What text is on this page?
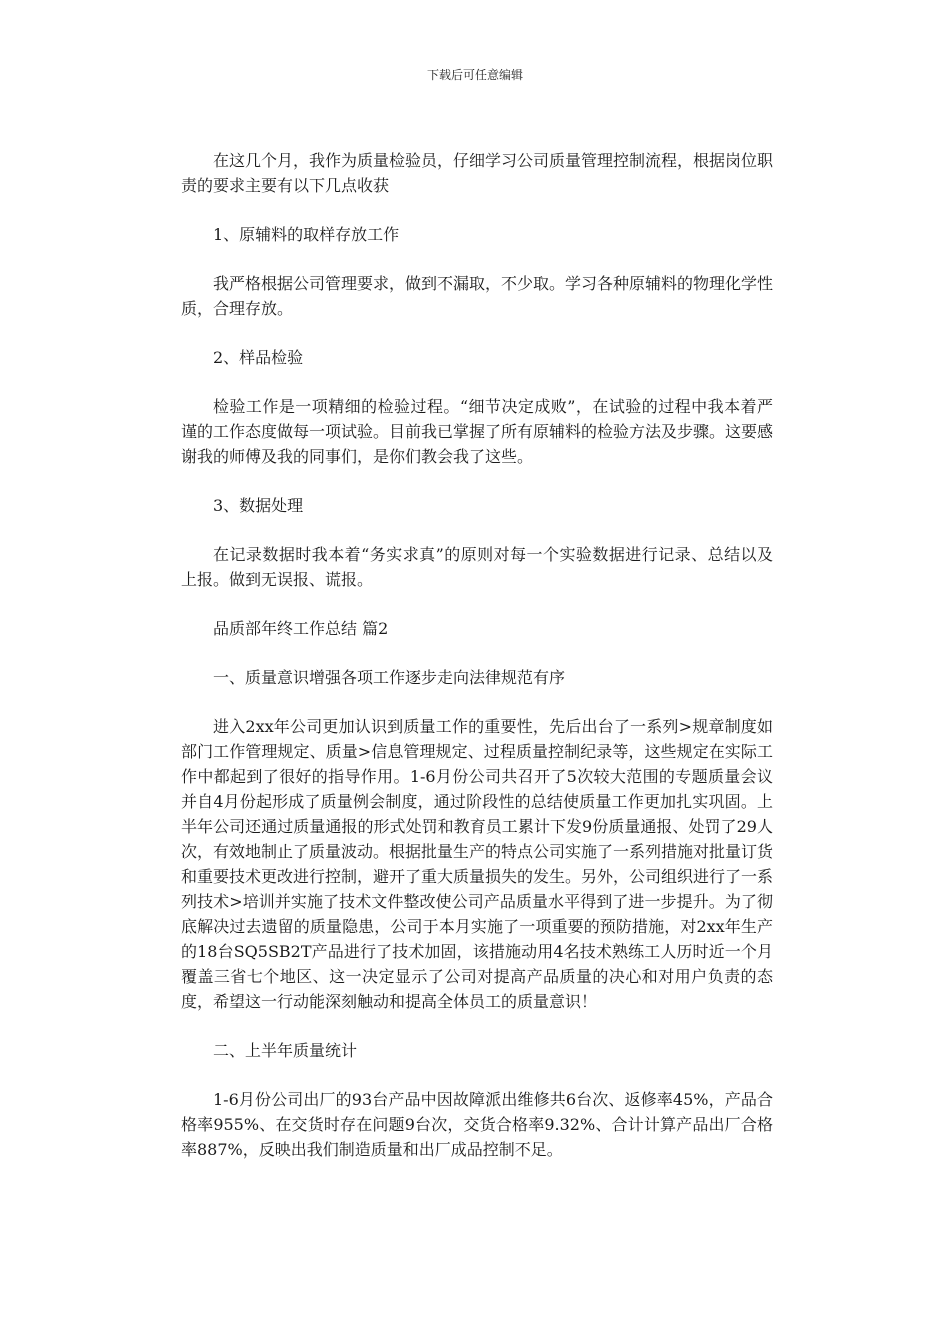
下载后可任意编辑

在这几个月，我作为质量检验员，仔细学习公司质量管理控制流程，根据岗位职责的要求主要有以下几点收获

1、原辅料的取样存放工作

我严格根据公司管理要求，做到不漏取，不少取。学习各种原辅料的物理化学性质，合理存放。

2、样品检验

检验工作是一项精细的检验过程。“细节决定成败”，在试验的过程中我本着严谨的工作态度做每一项试验。目前我已掌握了所有原辅料的检验方法及步骤。这要感谢我的师傅及我的同事们，是你们教会我了这些。

3、数据处理

在记录数据时我本着“务实求真”的原则对每一个实验数据进行记录、总结以及上报。做到无误报、谎报。

品质部年终工作总结 篇2

一、质量意识增强各项工作逐步走向法律规范有序

进入2xx年公司更加认识到质量工作的重要性，先后出台了一系列>规章制度如部门工作管理规定、质量>信息管理规定、过程质量控制纪录等，这些规定在实际工作中都起到了很好的指导作用。1-6月份公司共召开了5次较大范围的专题质量会议并自4月份起形成了质量例会制度，通过阶段性的总结使质量工作更加扎实巩固。上半年公司还通过质量通报的形式处罚和教育员工累计下发9份质量通报、处罚了29人次，有效地制止了质量波动。根据批量生产的特点公司实施了一系列措施对批量订货和重要技术更改进行控制，避开了重大质量损失的发生。另外，公司组织进行了一系列技术>培训并实施了技术文件整改使公司产品质量水平得到了进一步提升。为了彻底解决过去遗留的质量隐患，公司于本月实施了一项重要的预防措施，对2xx年生产的18台SQ5SB2T产品进行了技术加固，该措施动用4名技术熟练工人历时近一个月覆盖三省七个地区、这一决定显示了公司对提高产品质量的决心和对用户负责的态度，希望这一行动能深刻触动和提高全体员工的质量意识！

二、上半年质量统计

1-6月份公司出厂的93台产品中因故障派出维修共6台次、返修率45%，产品合格率955%、在交货时存在问题9台次，交货合格率9.32%、合计计算产品出厂合格率887%，反映出我们制造质量和出厂成品控制不足。
